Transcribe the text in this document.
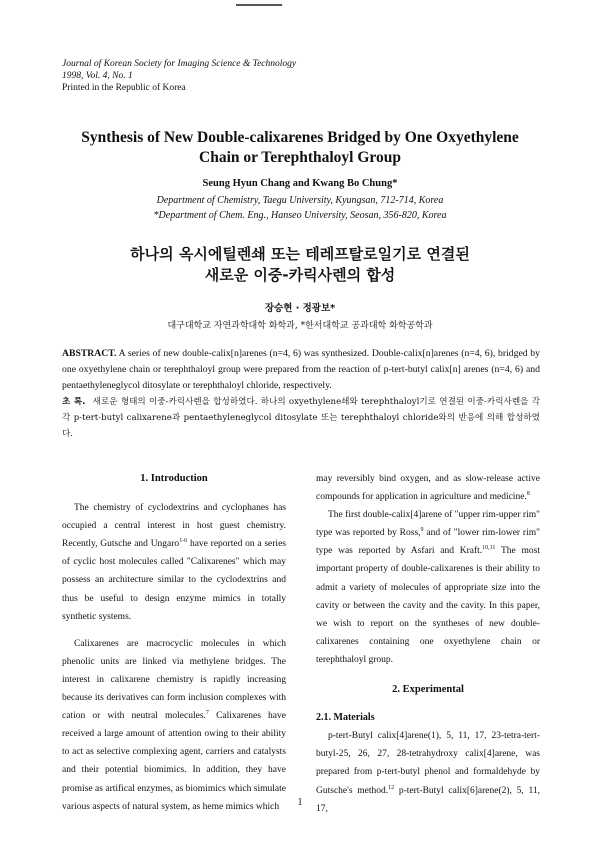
Journal of Korean Society for Imaging Science & Technology
1998, Vol. 4, No. 1
Printed in the Republic of Korea
Synthesis of New Double-calixarenes Bridged by One Oxyethylene
Chain or Terephthaloyl Group
Seung Hyun Chang and Kwang Bo Chung*
Department of Chemistry, Taegu University, Kyungsan, 712-714, Korea
*Department of Chem. Eng., Hanseo University, Seosan, 356-820, Korea
하나의 옥시에틸렌쇄 또는 테레프탈로일기로 연결된
새로운 이중-카릭사렌의 합성
장승현 · 정광보*
대구대학교 자연과학대학 화학과, *한서대학교 공과대학 화학공학과
ABSTRACT. A series of new double-calix[n]arenes (n=4, 6) was synthesized. Double-calix[n]arenes (n=4, 6), bridged by one oxyethylene chain or terephthaloyl group were prepared from the reaction of p-tert-butyl calix[n] arenes (n=4, 6) and pentaethyleneglycol ditosylate or terephthaloyl chloride, respectively.
초 록. 새로운 형태의 이중-카릭사렌을 합성하였다. 하나의 oxyethylene쇄와 terephthaloyl기로 연결된 이중-카릭사렌을 각각 p-tert-butyl calixarene과 pentaethyleneglycol ditosylate 또는 terephthaloyl chloride와의 반응에 의해 합성하였다.
1. Introduction

The chemistry of cyclodextrins and cyclophanes has occupied a central interest in host guest chemistry. Recently, Gutsche and Ungaro$^{1-6}$ have reported on a series of cyclic host molecules called "Calixarenes" which may possess an architecture similar to the cyclodextrins and thus be useful to design enzyme mimics in totally synthetic systems.

Calixarenes are macrocyclic molecules in which phenolic units are linked via methylene bridges. The interest in calixarene chemistry is rapidly increasing because its derivatives can form inclusion complexes with cation or with neutral molecules.$^7$ Calixarenes have received a large amount of attention owing to their ability to act as selective complexing agent, carriers and catalysts and their potential biomimics. In addition, they have promise as artifical enzymes, as biomimics which simulate various aspects of natural system, as heme mimics which

may reversibly bind oxygen, and as slow-release active compounds for application in agriculture and medicine.$^8$

The first double-calix[4]arene of "upper rim-upper rim" type was reported by Ross,$^9$ and of "lower rim-lower rim" type was reported by Asfari and Kraft.$^{10,11}$ The most important property of double-calixarenes is their ability to admit a variety of molecules of appropriate size into the cavity or between the cavity and the cavity. In this paper, we wish to report on the syntheses of new double-calixarenes containing one oxyethylene chain or terephthaloyl group.

2. Experimental
2.1. Materials

p-tert-Butyl calix[4]arene(1), 5, 11, 17, 23-tetra-tert-butyl-25, 26, 27, 28-tetrahydroxy calix[4]arene, was prepared from p-tert-butyl phenol and formaldehyde by Gutsche's method.$^{12}$ p-tert-Butyl calix[6]arene(2), 5, 11, 17,

1
